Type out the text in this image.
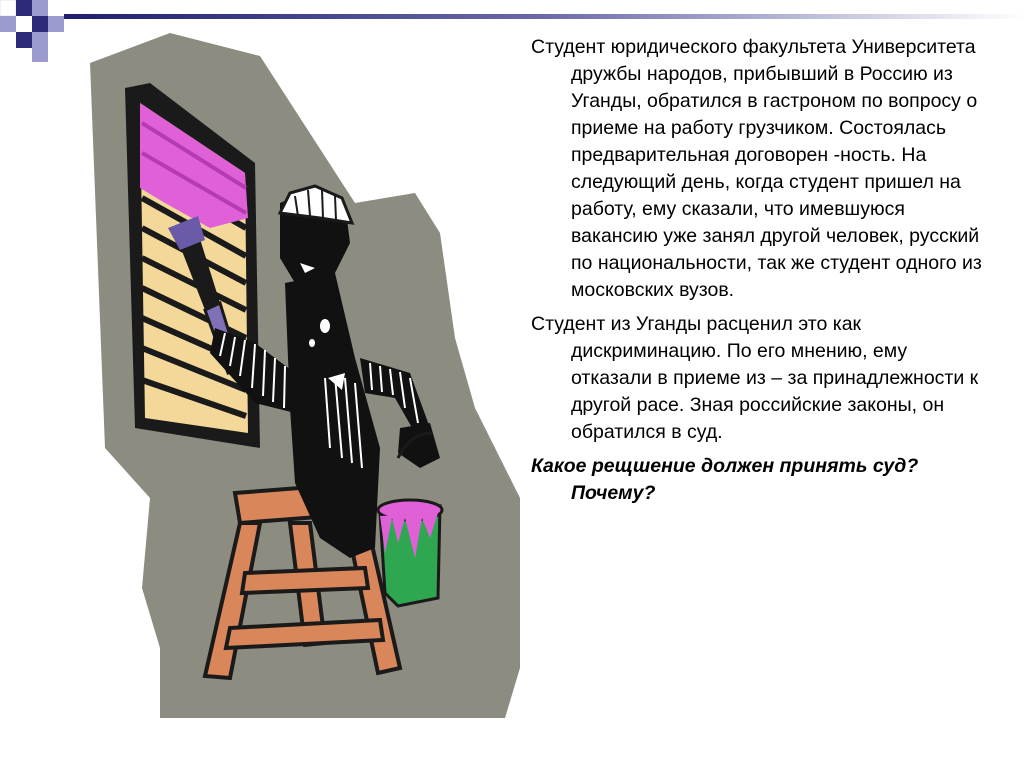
Студент юридического факультета Университета дружбы народов, прибывший в Россию из Уганды, обратился в гастроном по вопросу о приеме на работу грузчиком. Состоялась предварительная договорен -ность. На следующий день, когда студент пришел на работу, ему сказали, что имевшуюся вакансию уже занял другой человек, русский по национальности, так же студент одного из московских вузов.

Студент из Уганды расценил это как дискриминацию. По его мнению, ему отказали в приеме из – за принадлежности к другой расе. Зная российские законы, он обратился в суд.

Какое рещшение должен принять суд? Почему?
